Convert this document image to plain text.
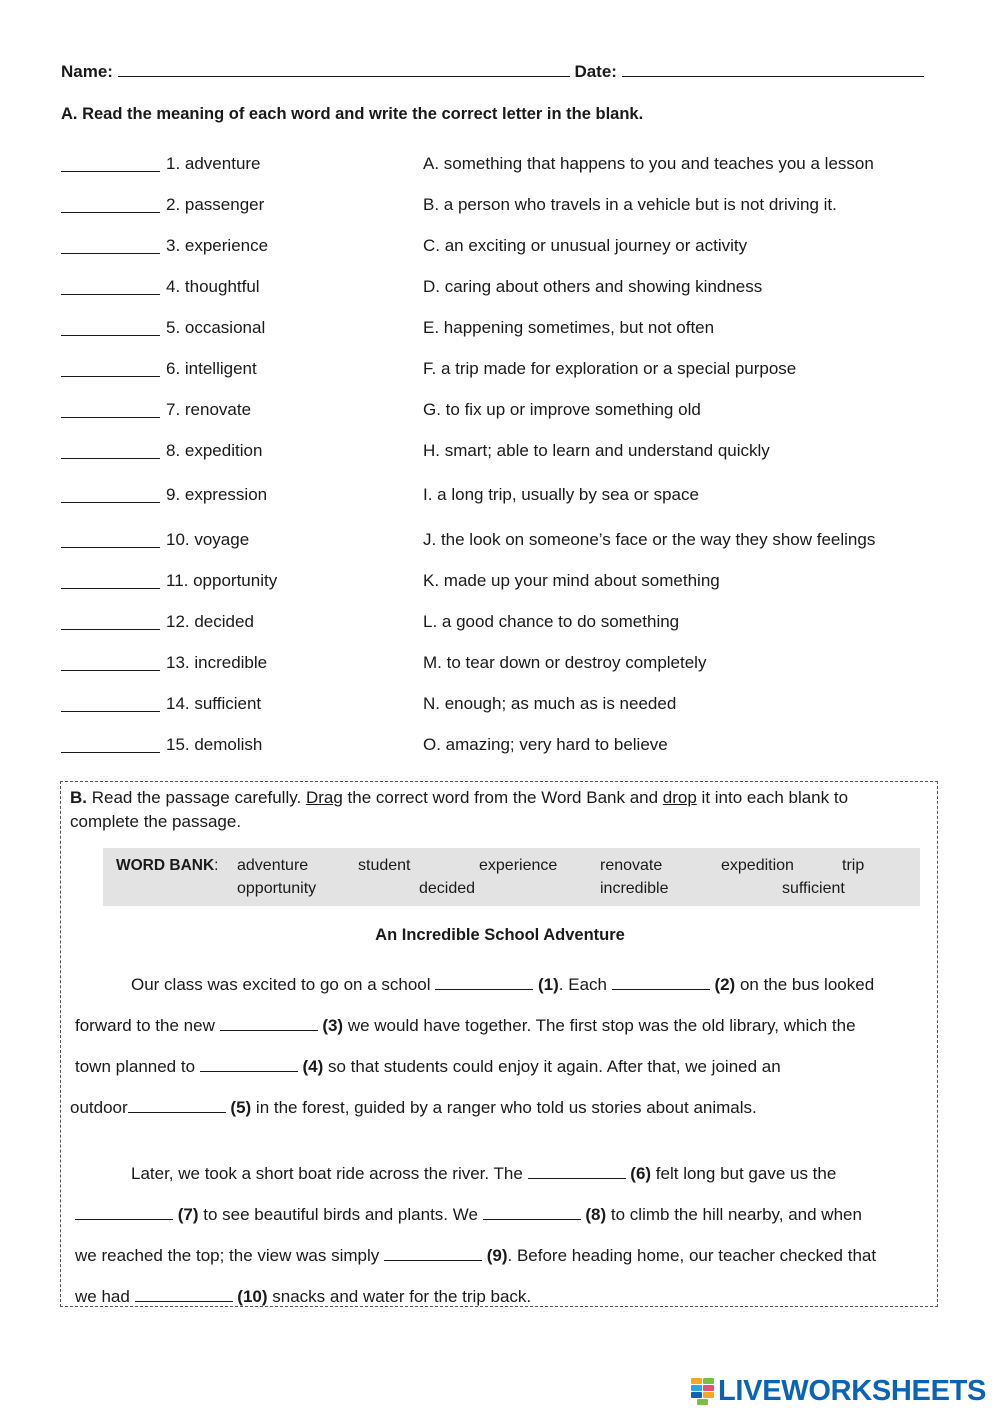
Name:	Date:
A. Read the meaning of each word and write the correct letter in the blank.
1. adventure	A. something that happens to you and teaches you a lesson
2. passenger	B. a person who travels in a vehicle but is not driving it.
3. experience	C. an exciting or unusual journey or activity
4. thoughtful	D. caring about others and showing kindness
5. occasional	E. happening sometimes, but not often
6. intelligent	F. a trip made for exploration or a special purpose
7. renovate	G. to fix up or improve something old
8. expedition	H. smart; able to learn and understand quickly
9. expression	I. a long trip, usually by sea or space
10. voyage	J. the look on someone’s face or the way they show feelings
11. opportunity	K. made up your mind about something
12. decided	L. a good chance to do something
13. incredible	M. to tear down or destroy completely
14. sufficient	N. enough; as much as is needed
15. demolish	O. amazing; very hard to believe
B. Read the passage carefully. Drag the correct word from the Word Bank and drop it into each blank to complete the passage.
WORD BANK: adventure	student	experience	renovate	expedition	trip
opportunity	decided	incredible	sufficient
An Incredible School Adventure
Our class was excited to go on a school	(1). Each	(2) on the bus looked
forward to the new	(3) we would have together. The first stop was the old library, which the
town planned to	(4) so that students could enjoy it again. After that, we joined an
outdoor	(5) in the forest, guided by a ranger who told us stories about animals.
Later, we took a short boat ride across the river. The	(6) felt long but gave us the
(7) to see beautiful birds and plants. We	(8) to climb the hill nearby, and when
we reached the top; the view was simply	(9). Before heading home, our teacher checked that
we had	(10) snacks and water for the trip back.
LIVEWORKSHEETS
